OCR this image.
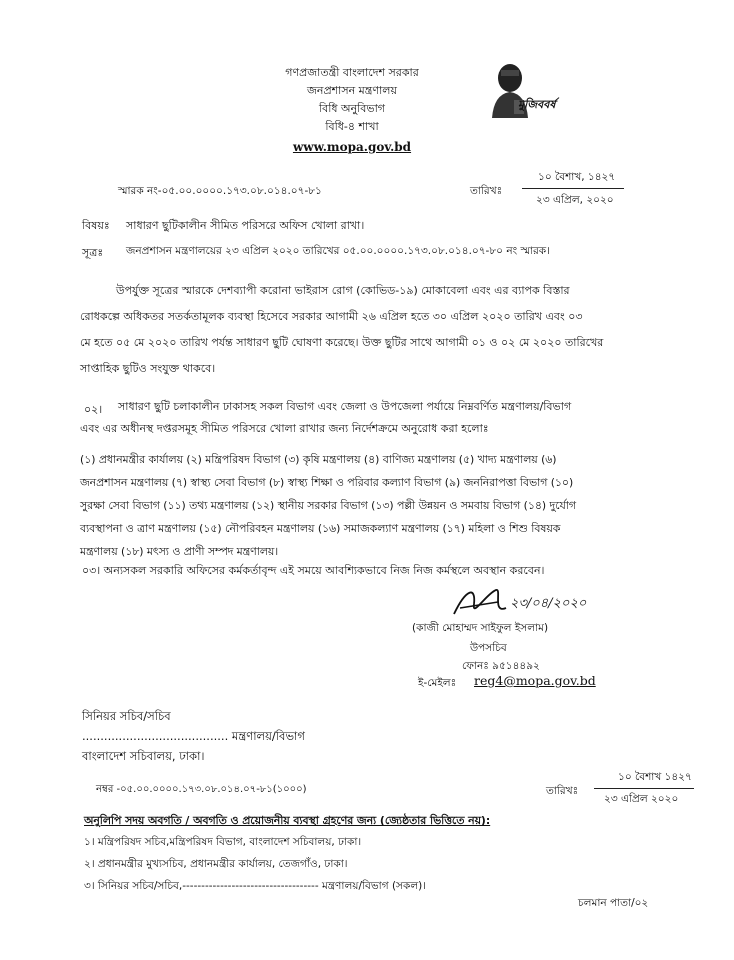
গণপ্রজাতন্ত্রী বাংলাদেশ সরকার
জনপ্রশাসন মন্ত্রণালয়
বিধি অনুবিভাগ
বিধি-৪ শাখা
www.mopa.gov.bd
মুজিববর্ষ
স্মারক নং-০৫.০০.০০০০.১৭৩.০৮.০১৪.০৭-৮১	তারিখঃ
১০ বৈশাখ, ১৪২৭
২৩ এপ্রিল, ২০২০
বিষয়ঃ সাধারণ ছুটিকালীন সীমিত পরিসরে অফিস খোলা রাখা।
সূত্রঃ জনপ্রশাসন মন্ত্রণালয়ের ২৩ এপ্রিল ২০২০ তারিখের ০৫.০০.০০০০.১৭৩.০৮.০১৪.০৭-৮০ নং স্মারক।
উপর্যুক্ত সূত্রের স্মারকে দেশব্যাপী করোনা ভাইরাস রোগ (কোভিড-১৯) মোকাবেলা এবং এর ব্যাপক বিস্তার
রোধকল্পে অধিকতর সতর্কতামূলক ব্যবস্থা হিসেবে সরকার আগামী ২৬ এপ্রিল হতে ৩০ এপ্রিল ২০২০ তারিখ এবং ০৩
মে হতে ০৫ মে ২০২০ তারিখ পর্যন্ত সাধারণ ছুটি ঘোষণা করেছে। উক্ত ছুটির সাথে আগামী ০১ ও ০২ মে ২০২০ তারিখের
সাপ্তাহিক ছুটিও সংযুক্ত থাকবে।
০২। সাধারণ ছুটি চলাকালীন ঢাকাসহ সকল বিভাগ এবং জেলা ও উপজেলা পর্যায়ে নিম্নবর্ণিত মন্ত্রণালয়/বিভাগ
এবং এর অধীনস্থ দপ্তরসমূহ সীমিত পরিসরে খোলা রাখার জন্য নির্দেশক্রমে অনুরোধ করা হলোঃ
(১) প্রধানমন্ত্রীর কার্যালয় (২) মন্ত্রিপরিষদ বিভাগ (৩) কৃষি মন্ত্রণালয় (৪) বাণিজ্য মন্ত্রণালয় (৫) খাদ্য মন্ত্রণালয় (৬)
জনপ্রশাসন মন্ত্রণালয় (৭) স্বাস্থ্য সেবা বিভাগ (৮) স্বাস্থ্য শিক্ষা ও পরিবার কল্যাণ বিভাগ (৯) জননিরাপত্তা বিভাগ (১০)
সুরক্ষা সেবা বিভাগ (১১) তথ্য মন্ত্রণালয় (১২) স্থানীয় সরকার বিভাগ (১৩) পল্লী উন্নয়ন ও সমবায় বিভাগ (১৪) দুর্যোগ
ব্যবস্থাপনা ও ত্রাণ মন্ত্রণালয় (১৫) নৌপরিবহন মন্ত্রণালয় (১৬) সমাজকল্যাণ মন্ত্রণালয় (১৭) মহিলা ও শিশু বিষয়ক
মন্ত্রণালয় (১৮) মৎস্য ও প্রাণী সম্পদ মন্ত্রণালয়।
০৩। অন্যসকল সরকারি অফিসের কর্মকর্তাবৃন্দ এই সময়ে আবশ্যিকভাবে নিজ নিজ কর্মস্থলে অবস্থান করবেন।
২৩/০৪/২০২০
(কাজী মোহাম্মদ সাইফুল ইসলাম)
উপসচিব
ফোনঃ ৯৫১৪৪৯২
ই-মেইলঃ reg4@mopa.gov.bd
সিনিয়র সচিব/সচিব
........................................ মন্ত্রণালয়/বিভাগ
বাংলাদেশ সচিবালয়, ঢাকা।
নম্বর -০৫.০০.০০০০.১৭৩.০৮.০১৪.০৭-৮১(১০০০)	তারিখঃ
১০ বৈশাখ ১৪২৭
২৩ এপ্রিল ২০২০
অনুলিপি সদয় অবগতি / অবগতি ও প্রয়োজনীয় ব্যবস্থা গ্রহণের জন্য (জ্যেষ্ঠতার ভিত্তিতে নয়):
১। মন্ত্রিপরিষদ সচিব,মন্ত্রিপরিষদ বিভাগ, বাংলাদেশ সচিবালয়, ঢাকা।
২। প্রধানমন্ত্রীর মুখ্যসচিব, প্রধানমন্ত্রীর কার্যালয়, তেজগাঁও, ঢাকা।
৩। সিনিয়র সচিব/সচিব,------------------------------------ মন্ত্রণালয়/বিভাগ (সকল)।
চলমান পাতা/০২
